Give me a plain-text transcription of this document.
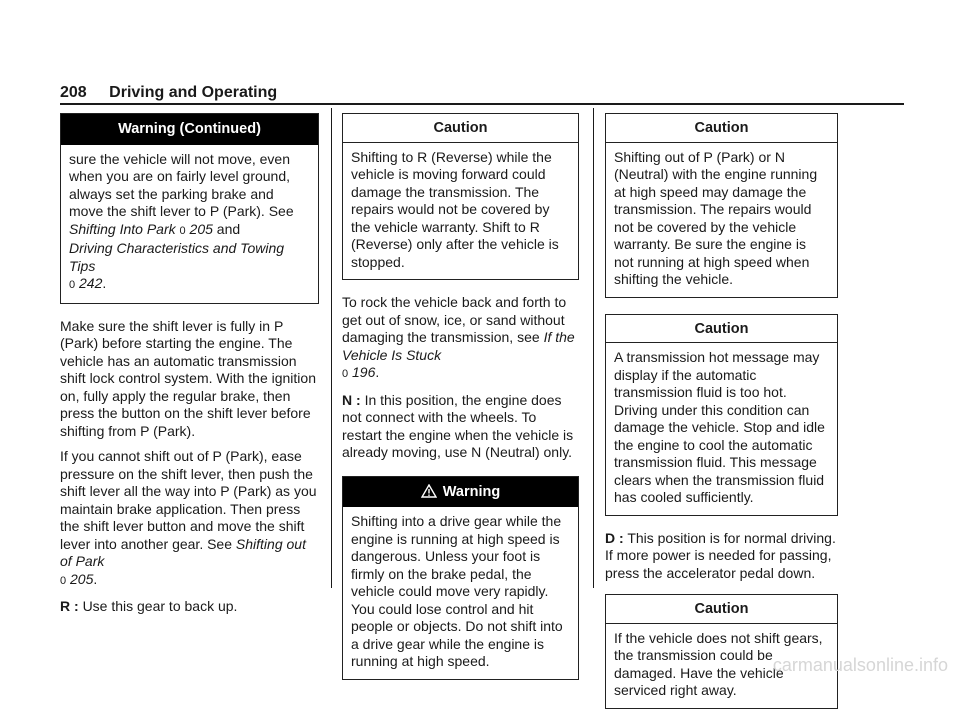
208 Driving and Operating
Warning (Continued)
sure the vehicle will not move, even when you are on fairly level ground, always set the parking brake and move the shift lever to P (Park). See Shifting Into Park 0 205 and
Driving Characteristics and Towing Tips
0 242.

Make sure the shift lever is fully in P (Park) before starting the engine. The vehicle has an automatic transmission shift lock control system. With the ignition on, fully apply the regular brake, then press the button on the shift lever before shifting from P (Park).

If you cannot shift out of P (Park), ease pressure on the shift lever, then push the shift lever all the way into P (Park) as you maintain brake application. Then press the shift lever button and move the shift lever into another gear. See Shifting out of Park
0 205.

R : Use this gear to back up.

Caution
Shifting to R (Reverse) while the vehicle is moving forward could damage the transmission. The repairs would not be covered by the vehicle warranty. Shift to R (Reverse) only after the vehicle is stopped.

To rock the vehicle back and forth to get out of snow, ice, or sand without damaging the transmission, see If the Vehicle Is Stuck
0 196.

N : In this position, the engine does not connect with the wheels. To restart the engine when the vehicle is already moving, use N (Neutral) only.

Warning
Shifting into a drive gear while the engine is running at high speed is dangerous. Unless your foot is firmly on the brake pedal, the vehicle could move very rapidly. You could lose control and hit people or objects. Do not shift into a drive gear while the engine is running at high speed.
Caution
Shifting out of P (Park) or N (Neutral) with the engine running at high speed may damage the transmission. The repairs would not be covered by the vehicle warranty. Be sure the engine is not running at high speed when shifting the vehicle.
Caution
A transmission hot message may display if the automatic transmission fluid is too hot. Driving under this condition can damage the vehicle. Stop and idle the engine to cool the automatic transmission fluid. This message clears when the transmission fluid has cooled sufficiently.

D : This position is for normal driving.

If more power is needed for passing, press the accelerator pedal down.

Caution
If the vehicle does not shift gears, the transmission could be damaged. Have the vehicle serviced right away.
carmanualsonline.info
